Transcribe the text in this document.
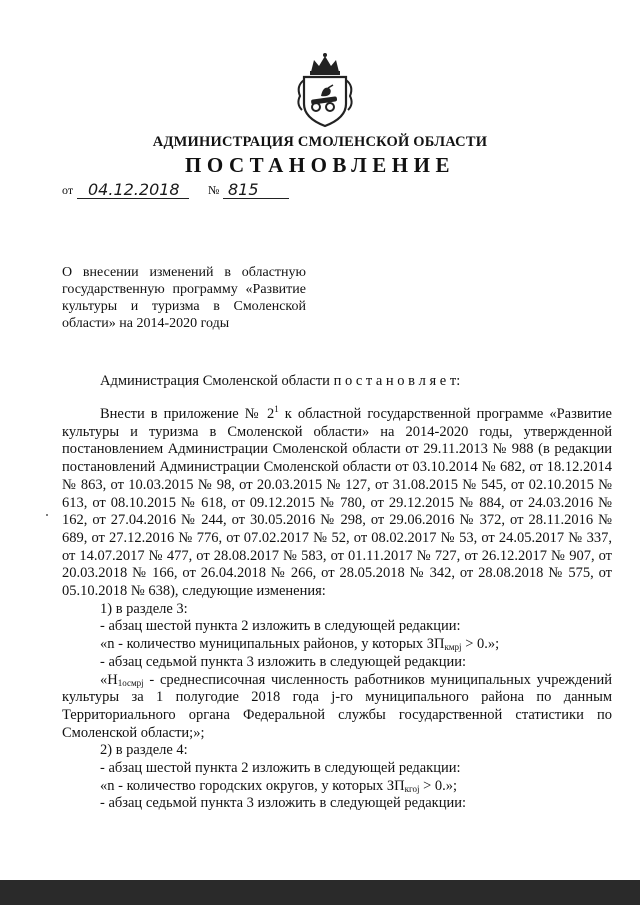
АДМИНИСТРАЦИЯ СМОЛЕНСКОЙ ОБЛАСТИ
ПОСТАНОВЛЕНИЕ
от 04.12.2018 № 815
О внесении изменений в областную государственную программу «Развитие культуры и туризма в Смоленской области» на 2014-2020 годы
Администрация Смоленской области п о с т а н о в л я е т:

Внести в приложение № $2^1$ к областной государственной программе «Развитие культуры и туризма в Смоленской области» на 2014-2020 годы, утвержденной постановлением Администрации Смоленской области от 29.11.2013 № 988 (в редакции постановлений Администрации Смоленской области от 03.10.2014 № 682, от 18.12.2014 № 863, от 10.03.2015 № 98, от 20.03.2015 № 127, от 31.08.2015 № 545, от 02.10.2015 № 613, от 08.10.2015 № 618, от 09.12.2015 № 780, от 29.12.2015 № 884, от 24.03.2016 № 162, от 27.04.2016 № 244, от 30.05.2016 № 298, от 29.06.2016 № 372, от 28.11.2016 № 689, от 27.12.2016 № 776, от 07.02.2017 № 52, от 08.02.2017 № 53, от 24.05.2017 № 337, от 14.07.2017 № 477, от 28.08.2017 № 583, от 01.11.2017 № 727, от 26.12.2017 № 907, от 20.03.2018 № 166, от 26.04.2018 № 266, от 28.05.2018 № 342, от 28.08.2018 № 575, от 05.10.2018 № 638), следующие изменения:

1) в разделе 3:

- абзац шестой пункта 2 изложить в следующей редакции:

«n - количество муниципальных районов, у которых $ЗП_{кмрj} > 0$.»;

- абзац седьмой пункта 3 изложить в следующей редакции:

«$Н_{1осмрj}$ - среднесписочная численность работников муниципальных учреждений культуры за 1 полугодие 2018 года j-го муниципального района по данным Территориального органа Федеральной службы государственной статистики по Смоленской области;»;

2) в разделе 4:

- абзац шестой пункта 2 изложить в следующей редакции:

«n - количество городских округов, у которых $ЗП_{кгоj} > 0$.»;

- абзац седьмой пункта 3 изложить в следующей редакции:
